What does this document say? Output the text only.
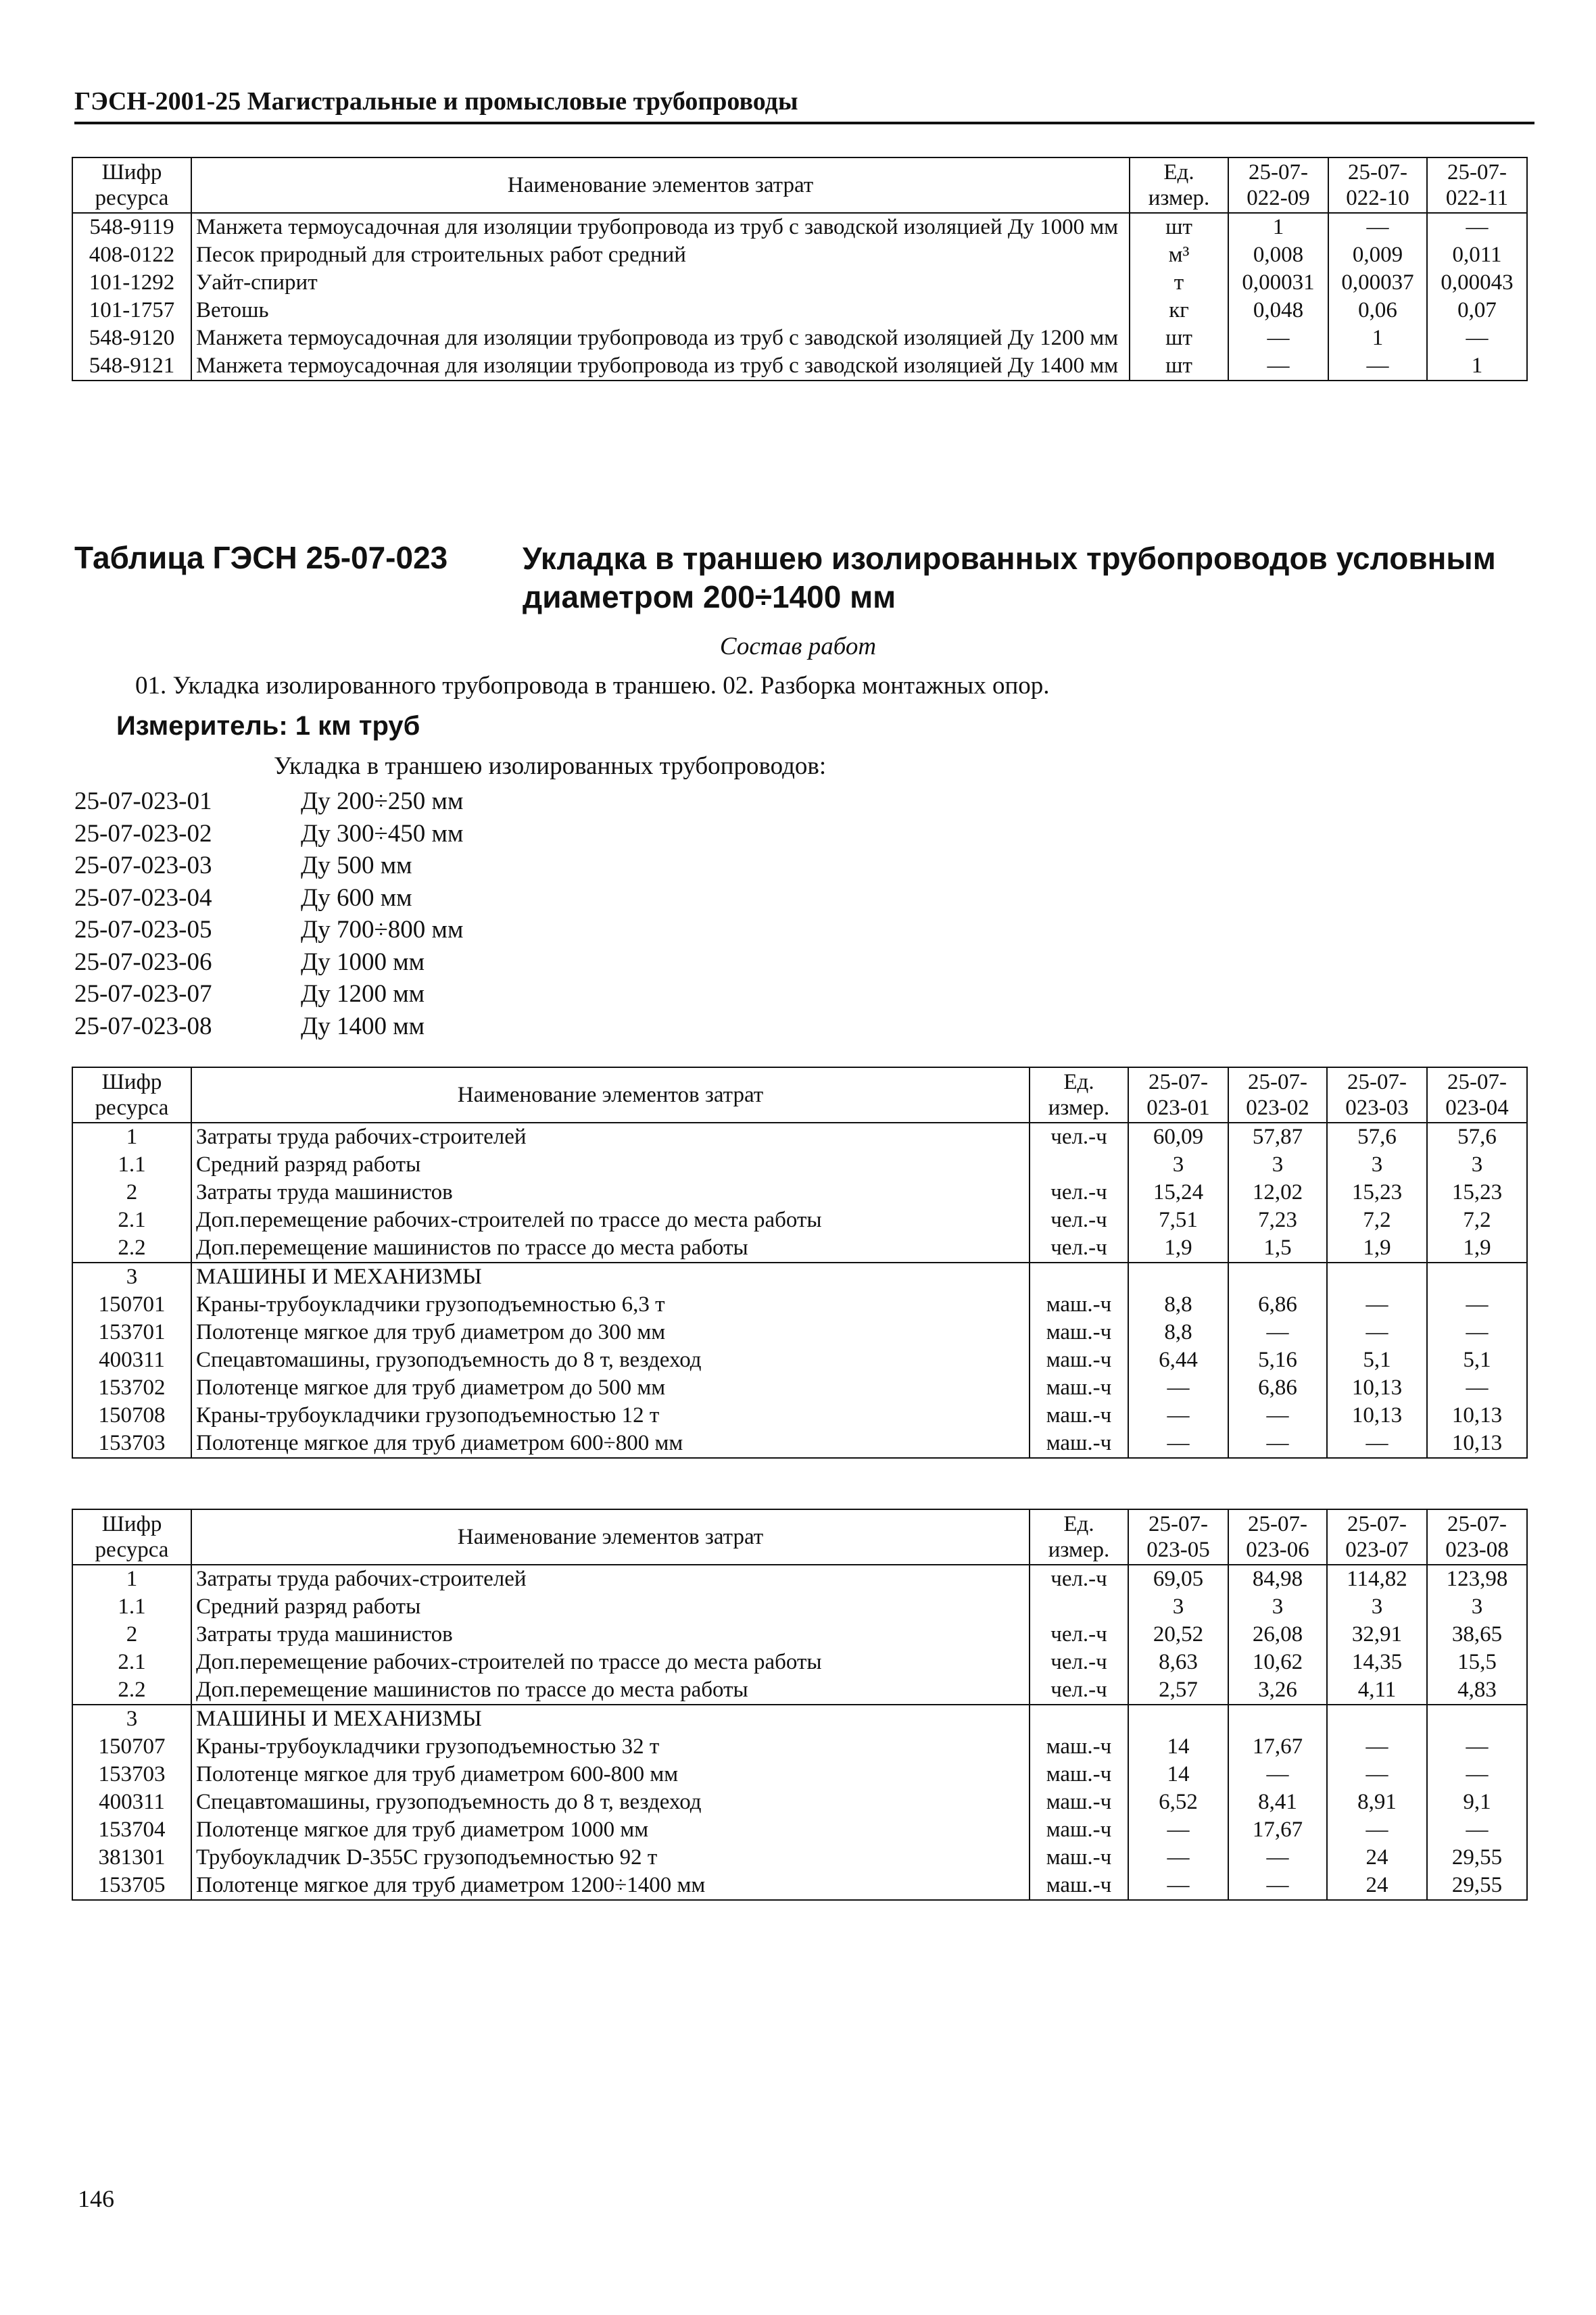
ГЭСН-2001-25 Магистральные и промысловые трубопроводы
Шифр ресурса	Наименование элементов затрат	Ед. измер.	25-07- 022-09	25-07- 022-10	25-07- 022-11
548-9119	Манжета термоусадочная для изоляции трубопровода из труб с заводской изоляцией Ду 1000 мм	шт	1	—	—
408-0122	Песок природный для строительных работ средний	м³	0,008	0,009	0,011
101-1292	Уайт-спирит	т	0,00031	0,00037	0,00043
101-1757	Ветошь	кг	0,048	0,06	0,07
548-9120	Манжета термоусадочная для изоляции трубопровода из труб с заводской изоляцией Ду 1200 мм	шт	—	1	—
548-9121	Манжета термоусадочная для изоляции трубопровода из труб с заводской изоляцией Ду 1400 мм	шт	—	—	1
Таблица ГЭСН 25-07-023 Укладка в траншею изолированных трубопроводов условным диаметром 200÷1400 мм
Состав работ
01. Укладка изолированного трубопровода в траншею. 02. Разборка монтажных опор.
Измеритель: 1 км труб
Укладка в траншею изолированных трубопроводов:
25-07-023-01	Ду 200÷250 мм
25-07-023-02	Ду 300÷450 мм
25-07-023-03	Ду 500 мм
25-07-023-04	Ду 600 мм
25-07-023-05	Ду 700÷800 мм
25-07-023-06	Ду 1000 мм
25-07-023-07	Ду 1200 мм
25-07-023-08	Ду 1400 мм
Шифр ресурса	Наименование элементов затрат	Ед. измер.	25-07- 023-01	25-07- 023-02	25-07- 023-03	25-07- 023-04
1	Затраты труда рабочих-строителей	чел.-ч	60,09	57,87	57,6	57,6
1.1	Средний разряд работы		3	3	3	3
2	Затраты труда машинистов	чел.-ч	15,24	12,02	15,23	15,23
2.1	Доп.перемещение рабочих-строителей по трассе до места работы	чел.-ч	7,51	7,23	7,2	7,2
2.2	Доп.перемещение машинистов по трассе до места работы	чел.-ч	1,9	1,5	1,9	1,9
3	МАШИНЫ И МЕХАНИЗМЫ					
150701	Краны-трубоукладчики грузоподъемностью 6,3 т	маш.-ч	8,8	6,86	—	—
153701	Полотенце мягкое для труб диаметром до 300 мм	маш.-ч	8,8	—	—	—
400311	Спецавтомашины, грузоподъемность до 8 т, вездеход	маш.-ч	6,44	5,16	5,1	5,1
153702	Полотенце мягкое для труб диаметром до 500 мм	маш.-ч	—	6,86	10,13	—
150708	Краны-трубоукладчики грузоподъемностью 12 т	маш.-ч	—	—	10,13	10,13
153703	Полотенце мягкое для труб диаметром 600÷800 мм	маш.-ч	—	—	—	10,13
Шифр ресурса	Наименование элементов затрат	Ед. измер.	25-07- 023-05	25-07- 023-06	25-07- 023-07	25-07- 023-08
1	Затраты труда рабочих-строителей	чел.-ч	69,05	84,98	114,82	123,98
1.1	Средний разряд работы		3	3	3	3
2	Затраты труда машинистов	чел.-ч	20,52	26,08	32,91	38,65
2.1	Доп.перемещение рабочих-строителей по трассе до места работы	чел.-ч	8,63	10,62	14,35	15,5
2.2	Доп.перемещение машинистов по трассе до места работы	чел.-ч	2,57	3,26	4,11	4,83
3	МАШИНЫ И МЕХАНИЗМЫ					
150707	Краны-трубоукладчики грузоподъемностью 32 т	маш.-ч	14	17,67	—	—
153703	Полотенце мягкое для труб диаметром 600-800 мм	маш.-ч	14	—	—	—
400311	Спецавтомашины, грузоподъемность до 8 т, вездеход	маш.-ч	6,52	8,41	8,91	9,1
153704	Полотенце мягкое для труб диаметром 1000 мм	маш.-ч	—	17,67	—	—
381301	Трубоукладчик D-355C грузоподъемностью 92 т	маш.-ч	—	—	24	29,55
153705	Полотенце мягкое для труб диаметром 1200÷1400 мм	маш.-ч	—	—	24	29,55
146
